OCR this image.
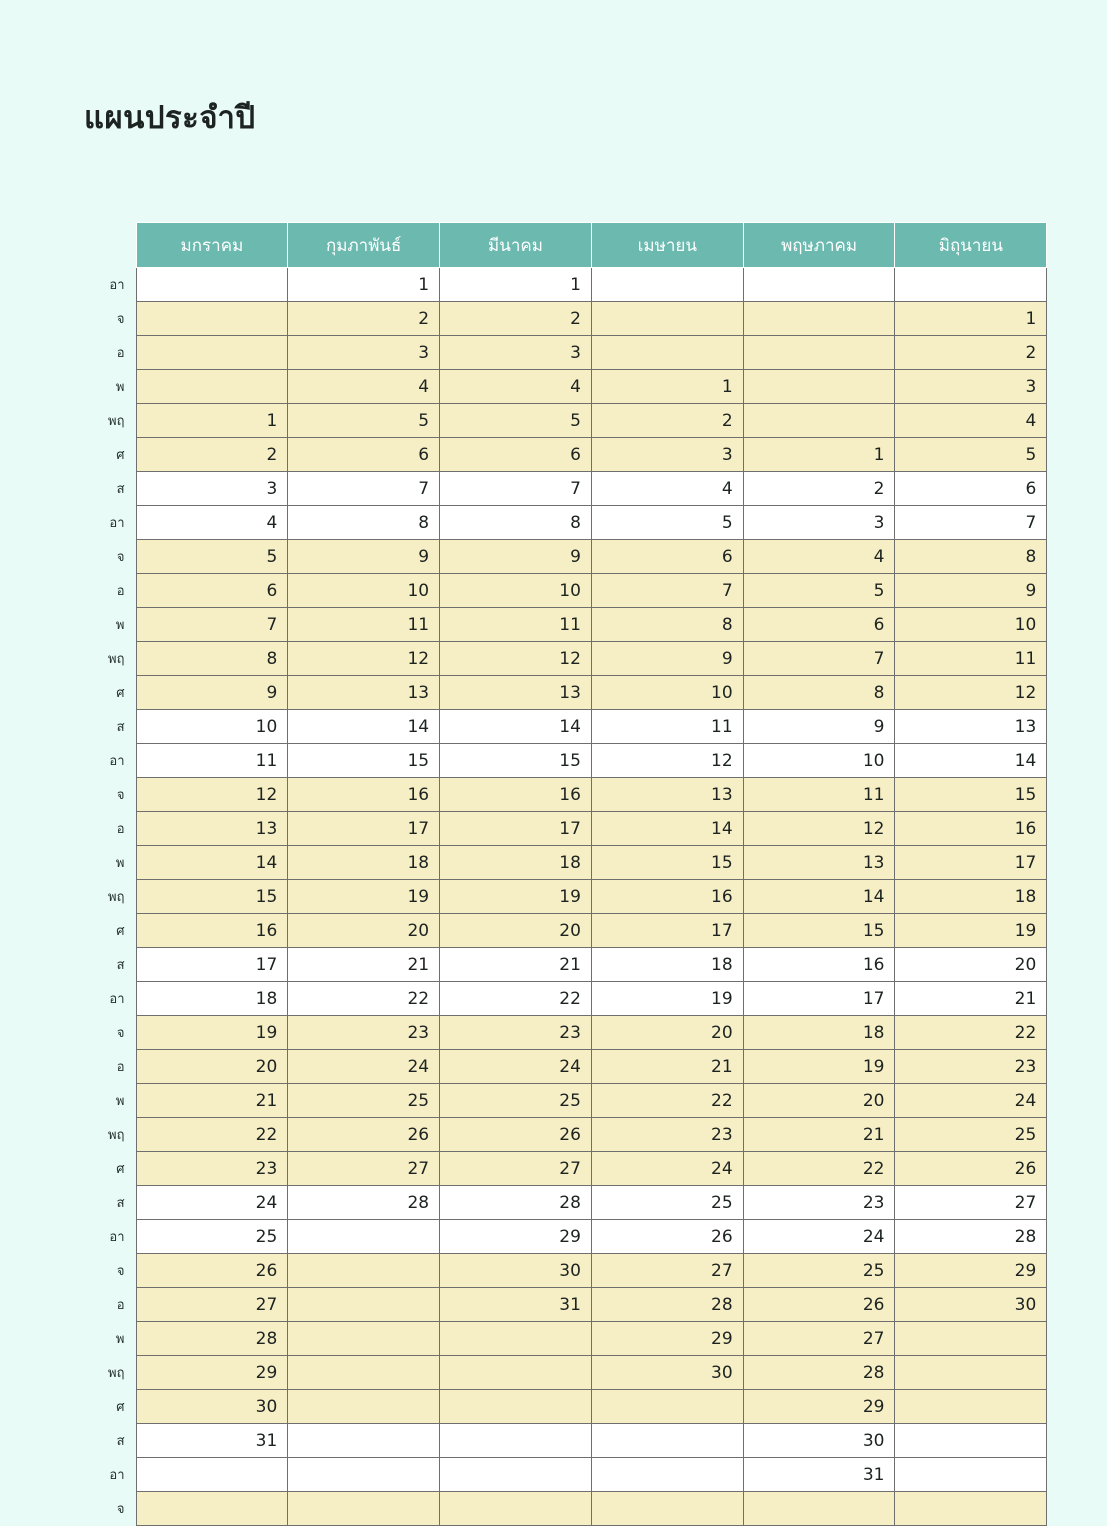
แผนประจำปี
	มกราคม	กุมภาพันธ์	มีนาคม	เมษายน	พฤษภาคม	มิถุนายน
อา		1	1			
จ		2	2			1
อ		3	3			2
พ		4	4	1		3
พฤ	1	5	5	2		4
ศ	2	6	6	3	1	5
ส	3	7	7	4	2	6
อา	4	8	8	5	3	7
จ	5	9	9	6	4	8
อ	6	10	10	7	5	9
พ	7	11	11	8	6	10
พฤ	8	12	12	9	7	11
ศ	9	13	13	10	8	12
ส	10	14	14	11	9	13
อา	11	15	15	12	10	14
จ	12	16	16	13	11	15
อ	13	17	17	14	12	16
พ	14	18	18	15	13	17
พฤ	15	19	19	16	14	18
ศ	16	20	20	17	15	19
ส	17	21	21	18	16	20
อา	18	22	22	19	17	21
จ	19	23	23	20	18	22
อ	20	24	24	21	19	23
พ	21	25	25	22	20	24
พฤ	22	26	26	23	21	25
ศ	23	27	27	24	22	26
ส	24	28	28	25	23	27
อา	25		29	26	24	28
จ	26		30	27	25	29
อ	27		31	28	26	30
พ	28			29	27	
พฤ	29			30	28	
ศ	30				29	
ส	31				30	
อา					31	
จ						
